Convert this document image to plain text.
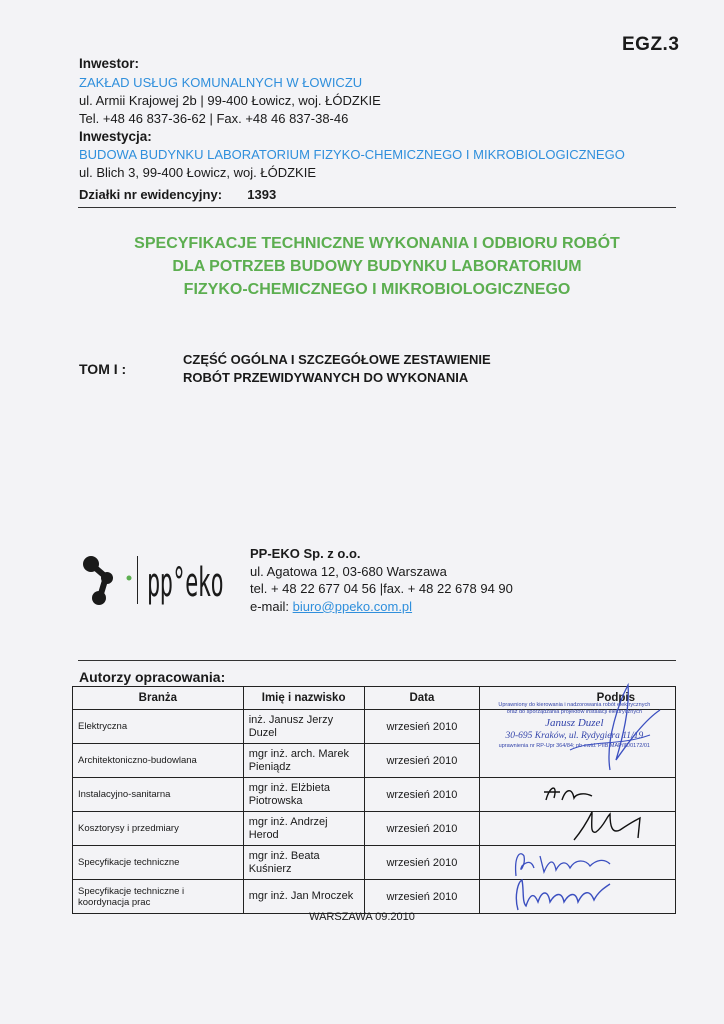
EGZ.3
Inwestor:
ZAKŁAD USŁUG KOMUNALNYCH W ŁOWICZU
ul. Armii Krajowej 2b | 99-400 Łowicz, woj. ŁÓDZKIE
Tel. +48 46 837-36-62 | Fax. +48 46 837-38-46
Inwestycja:
BUDOWA BUDYNKU LABORATORIUM FIZYKO-CHEMICZNEGO I MIKROBIOLOGICZNEGO
ul. Blich 3, 99-400 Łowicz, woj. ŁÓDZKIE
Działki nr ewidencyjny: 1393
SPECYFIKACJE TECHNICZNE WYKONANIA I ODBIORU ROBÓT
DLA POTRZEB BUDOWY BUDYNKU LABORATORIUM
FIZYKO-CHEMICZNEGO I MIKROBIOLOGICZNEGO
TOM I :
CZĘŚĆ OGÓLNA I SZCZEGÓŁOWE ZESTAWIENIE
ROBÓT PRZEWIDYWANYCH DO WYKONANIA
pp°eko
PP-EKO Sp. z o.o.
ul. Agatowa 12, 03-680 Warszawa
tel. + 48 22 677 04 56 |fax. + 48 22 678 94 90
e-mail: biuro@ppeko.com.pl
Autorzy opracowania:
Branża	Imię i nazwisko	Data	Podpis
Elektryczna	inż. Janusz Jerzy Duzel	wrzesień 2010	Uprawniony do kierowania i nadzorowania robót elektrycznych
oraz do sporządzania projektów instalacji elektrycznych
Janusz Duzel
30-695 Kraków, ul. Rydygiera 11/19
uprawnienia nr RP-Upr 364/84; pb ewid. PIIB MAP/IE/0172/01

Architektoniczno-budowlana	mgr inż. arch. Marek Pieniądz	wrzesień 2010	
Instalacyjno-sanitarna	mgr inż. Elżbieta Piotrowska	wrzesień 2010	

Kosztorysy i przedmiary	mgr inż. Andrzej Herod	wrzesień 2010	

Specyfikacje techniczne	mgr inż. Beata Kuśnierz	wrzesień 2010	

Specyfikacje techniczne i koordynacja prac	mgr inż. Jan Mroczek	wrzesień 2010	
WARSZAWA 09.2010
